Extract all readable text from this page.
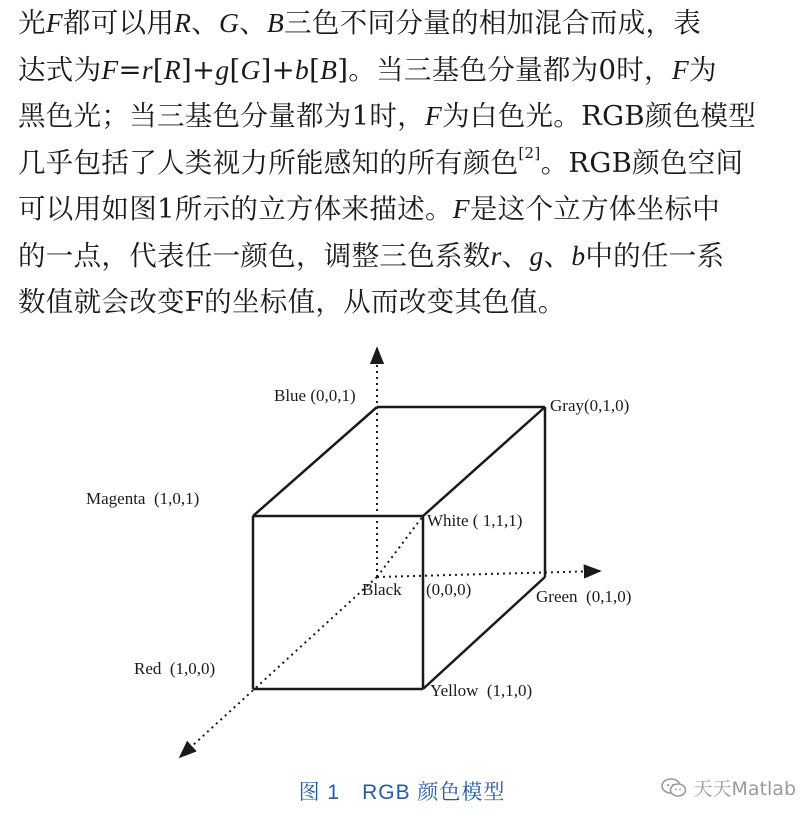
光F都可以用R、G、B三色不同分量的相加混合而成，表
达式为F=r[R]+g[G]+b[B]。当三基色分量都为0时，F为
黑色光；当三基色分量都为1时，F为白色光。RGB颜色模型
几乎包括了人类视力所能感知的所有颜色[2]。RGB颜色空间
可以用如图1所示的立方体来描述。F是这个立方体坐标中
的一点，代表任一颜色，调整三色系数r、g、b中的任一系
数值就会改变F的坐标值，从而改变其色值。
Blue (0,0,1)
Gray(0,1,0)
Magenta  (1,0,1)
White ( 1,1,1)
Black (0,0,0)	Green  (0,1,0)
Red  (1,0,0)
Yellow  (1,1,0)
图 1 RGB 颜色模型	天天Matlab
